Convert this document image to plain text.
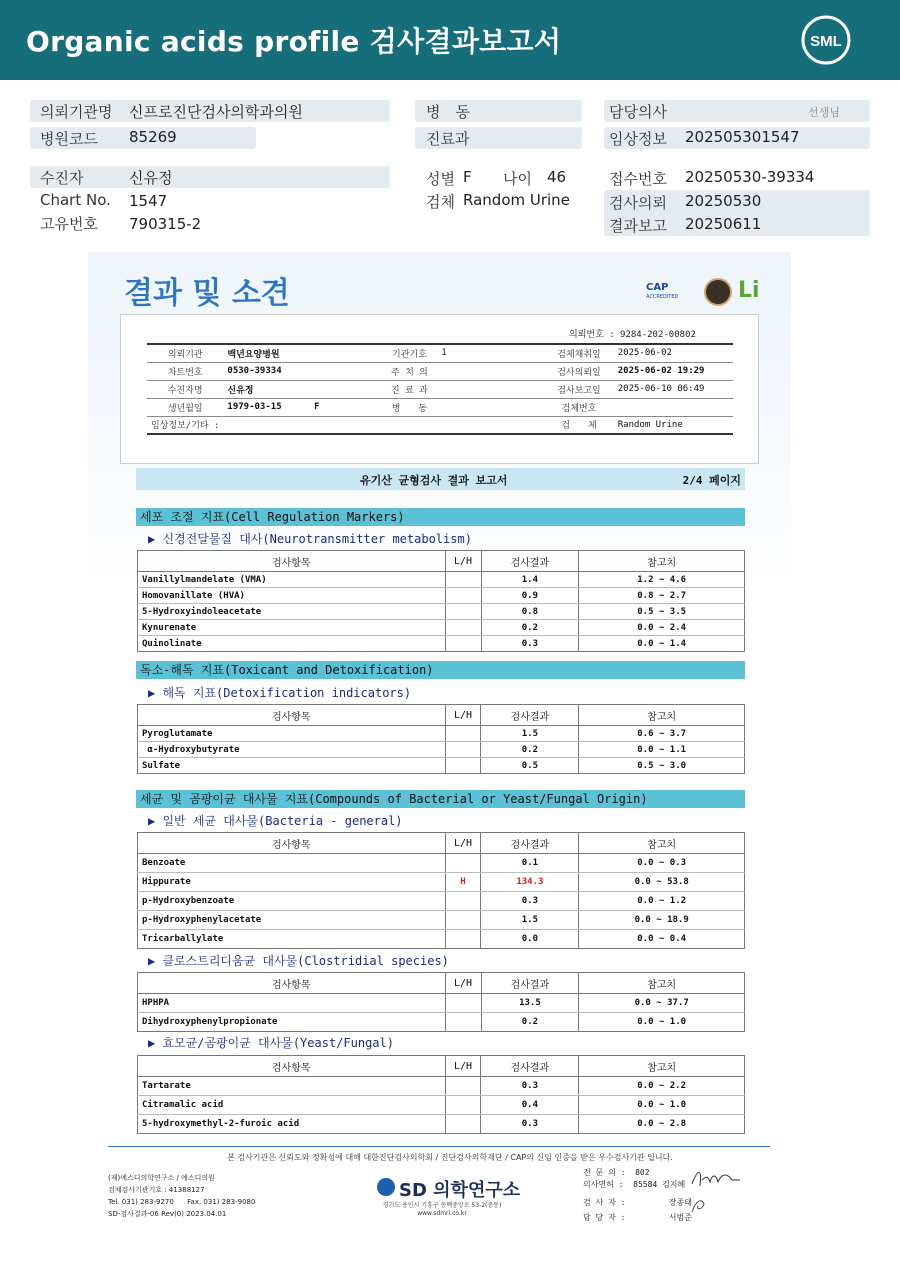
Organic acids profile 검사결과보고서	SML
의뢰기관명 신프로진단검사의학과의원
병원코드 85269
병　동
진료과
담당의사	선생님
임상정보 202505301547
수진자	신유정
Chart No. 1547
고유번호 790315-2
성별 F 나이 46
검체 Random Urine
접수번호 20250530-39334
검사의뢰 20250530
결과보고 20250611
결과 및 소견	CAP
ACCREDITED	Li
의뢰번호 : 9284-202-00802
의뢰기관	백년요양병원	기관기호	1	검체채취일	2025-06-02
차트번호	0530-39334	주 치 의		검사의뢰일	2025-06-02 19:29
수진자명	신유정	진 료 과		검사보고일	2025-06-10 06:49
생년월일	1979-03-15      F	병　　동		검체번호	
임상정보/기타 :				검　　체	Random Urine
유기산 균형검사 결과 보고서	2/4 페이지
세포 조절 지표(Cell Regulation Markers)
▶ 신경전달물질 대사(Neurotransmitter metabolism)
검사항목	L/H	검사결과	참고치
Vanillylmandelate (VMA)		1.4	1.2 ~ 4.6
Homovanillate (HVA)		0.9	0.8 ~ 2.7
5-Hydroxyindoleacetate		0.8	0.5 ~ 3.5
Kynurenate		0.2	0.0 ~ 2.4
Quinolinate		0.3	0.0 ~ 1.4
독소-해독 지표(Toxicant and Detoxification)
▶ 해독 지표(Detoxification indicators)
검사항목	L/H	검사결과	참고치
Pyroglutamate		1.5	0.6 ~ 3.7
α-Hydroxybutyrate		0.2	0.0 ~ 1.1
Sulfate		0.5	0.5 ~ 3.0
세균 및 곰팡이균 대사물 지표(Compounds of Bacterial or Yeast/Fungal Origin)
▶ 일반 세균 대사물(Bacteria - general)
검사항목	L/H	검사결과	참고치
Benzoate		0.1	0.0 ~ 0.3
Hippurate	H	134.3	0.0 ~ 53.8
p-Hydroxybenzoate		0.3	0.0 ~ 1.2
p-Hydroxyphenylacetate		1.5	0.0 ~ 18.9
Tricarballylate		0.0	0.0 ~ 0.4
▶ 클로스트리디움균 대사물(Clostridial species)
검사항목	L/H	검사결과	참고치
HPHPA		13.5	0.0 ~ 37.7
Dihydroxyphenylpropionate		0.2	0.0 ~ 1.0
▶ 효모균/곰팡이균 대사물(Yeast/Fungal)
검사항목	L/H	검사결과	참고치
Tartarate		0.3	0.0 ~ 2.2
Citramalic acid		0.4	0.0 ~ 1.0
5-hydroxymethyl-2-furoic acid		0.3	0.0 ~ 2.8
본 검사기관은 신뢰도와 정확성에 대해 대한진단검사의학회 / 진단검사의학재단 / CAP의 신임 인증을 받은 우수검사기관 입니다.
(재)에스디의학연구소 / 에스디의원
검체검사기관기호 : 41388127
Tel. 031) 283-9270      Fax. 031) 283-9080
SD-검사결과-06 Rev(0) 2023.04.01
SD 의학연구소
경기도 용인시 기흥구 동백중앙로 53-2(중동)
www.sdmri.co.kr
전 문 의 :  802
의사면허 :  85584 김지혜
검 사 자 :         장종태
담 당 자 :         서범준
